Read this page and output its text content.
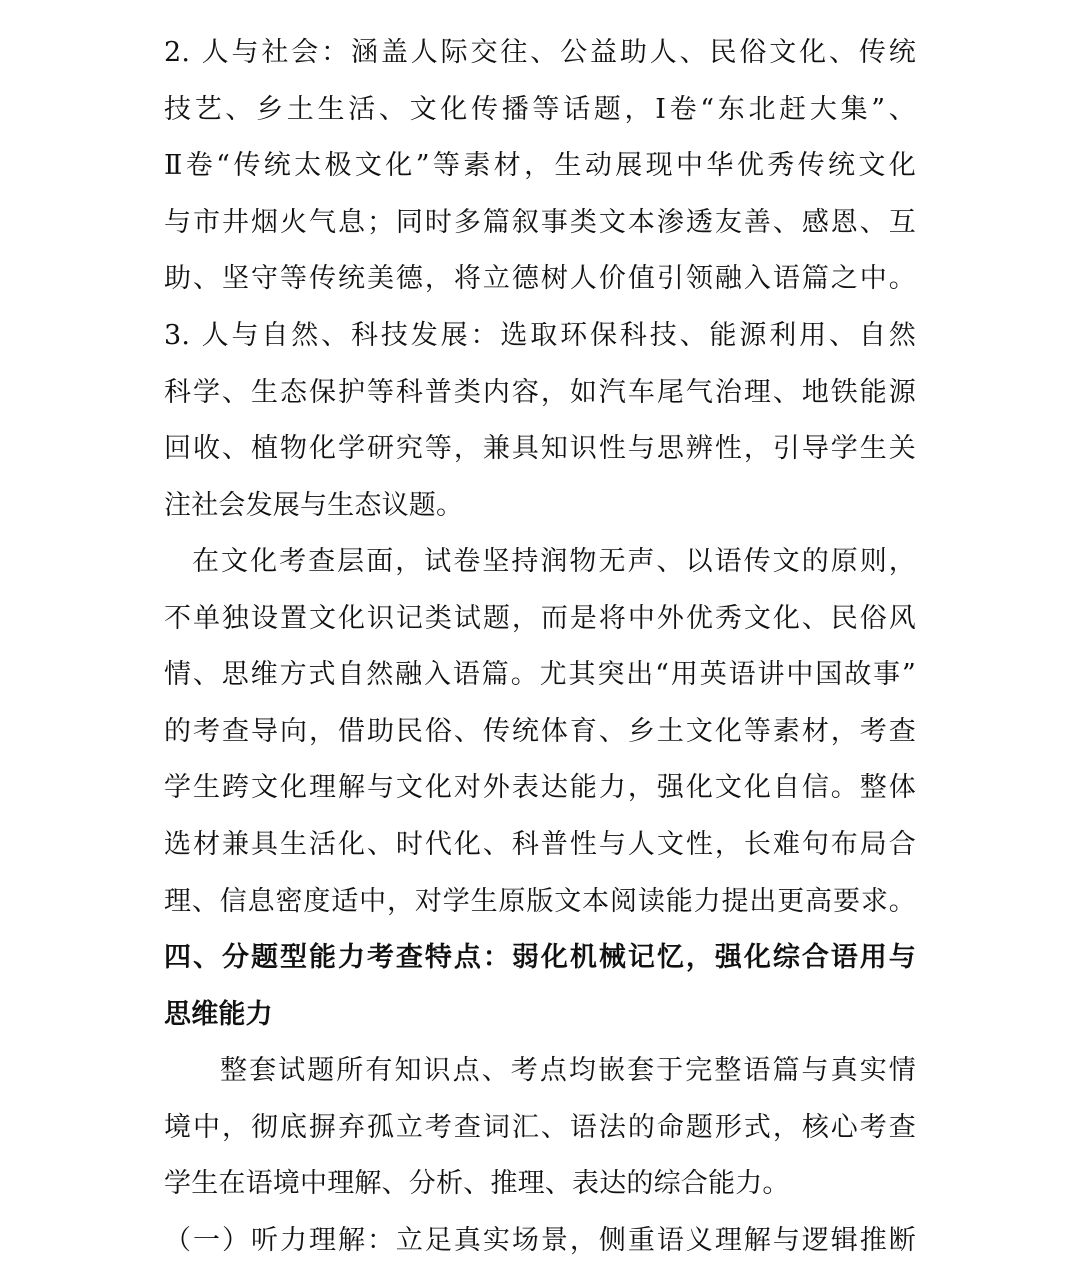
2. 人与社会：涵盖人际交往、公益助人、民俗文化、传统
技艺、乡土生活、文化传播等话题，Ⅰ卷“东北赶大集”、
Ⅱ卷“传统太极文化”等素材，生动展现中华优秀传统文化
与市井烟火气息；同时多篇叙事类文本渗透友善、感恩、互
助、坚守等传统美德，将立德树人价值引领融入语篇之中。
3. 人与自然、科技发展：选取环保科技、能源利用、自然
科学、生态保护等科普类内容，如汽车尾气治理、地铁能源
回收、植物化学研究等，兼具知识性与思辨性，引导学生关
注社会发展与生态议题。
在文化考查层面，试卷坚持润物无声、以语传文的原则，
不单独设置文化识记类试题，而是将中外优秀文化、民俗风
情、思维方式自然融入语篇。尤其突出“用英语讲中国故事”
的考查导向，借助民俗、传统体育、乡土文化等素材，考查
学生跨文化理解与文化对外表达能力，强化文化自信。整体
选材兼具生活化、时代化、科普性与人文性，长难句布局合
理、信息密度适中，对学生原版文本阅读能力提出更高要求。
四、分题型能力考查特点：弱化机械记忆，强化综合语用与
思维能力
整套试题所有知识点、考点均嵌套于完整语篇与真实情
境中，彻底摒弃孤立考查词汇、语法的命题形式，核心考查
学生在语境中理解、分析、推理、表达的综合能力。
（一）听力理解：立足真实场景，侧重语义理解与逻辑推断
